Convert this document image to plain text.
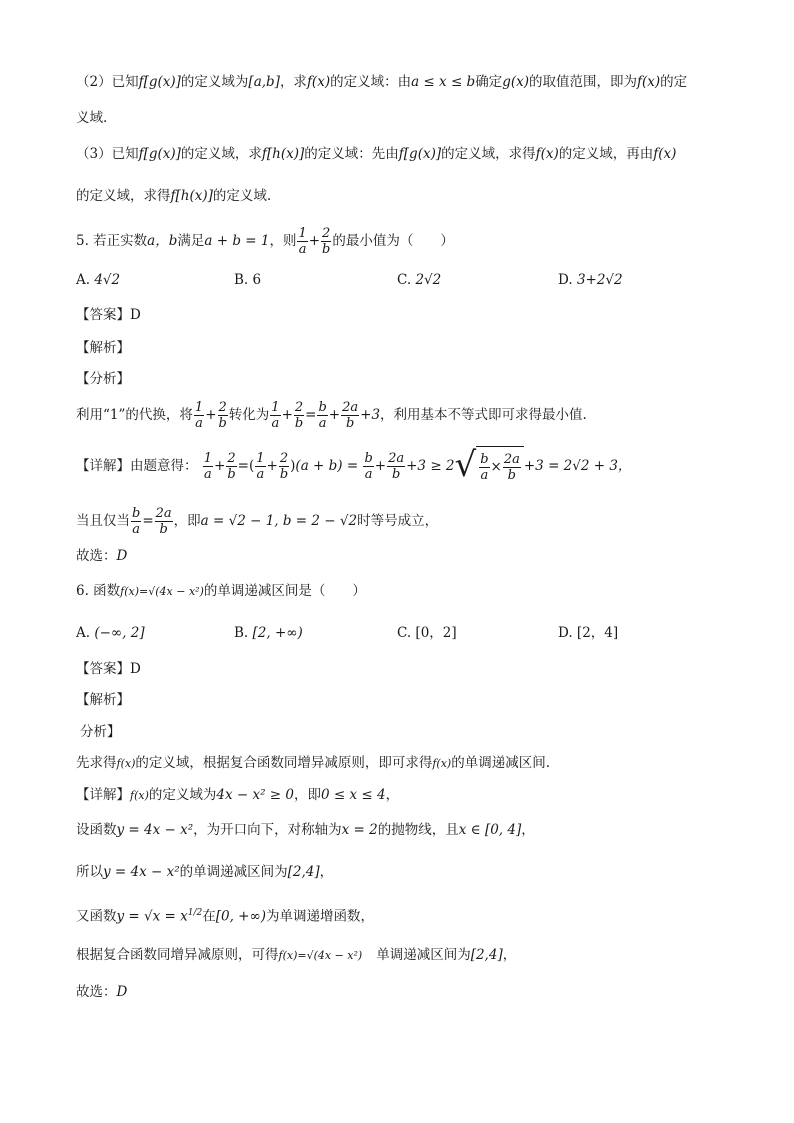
（2）已知f[g(x)]的定义域为[a,b]，求f(x)的定义域：由a ≤ x ≤ b确定g(x)的取值范围，即为f(x)的定
义域.
（3）已知f[g(x)]的定义域，求f[h(x)]的定义域：先由f[g(x)]的定义域，求得f(x)的定义域，再由f(x)
的定义域，求得f[h(x)]的定义域.
5. 若正实数a，b满足a + b = 1，则 $\frac{1}{a} + \frac{2}{b}$ 的最小值为（　　）
A. 4√2	B. 6	C. 2√2	D. 3+2√2
【答案】D
【解析】
【分析】
利用“1”的代换，将 $\frac{1}{a} + \frac{2}{b}$ 转化为 $\frac{1}{a} + \frac{2}{b} = \frac{b}{a} + \frac{2a}{b} +3$，利用基本不等式即可求得最小值.
【详解】由题意得： $\frac{1}{a} + \frac{2}{b}$ =( $\frac{1}{a} + \frac{2}{b} )(a + b) = \frac{b}{a} + \frac{2a}{b} +3 \ge 2$ √ $\frac{b}{a} \times \frac{2a}{b} +3 = 2√2 + 3$，
当且仅当 $\frac{b}{a} = \frac{2a}{b}$ ，即a = √2 − 1, b = 2 − √2时等号成立，
故选：D
6. 函数f(x)=√(4x − x²)的单调递减区间是（　　）
A. (−∞, 2]	B. [2, +∞)	C. [0，2]	D. [2，4]
【答案】D
【解析】
分析】
先求得f(x)的定义域，根据复合函数同增异减原则，即可求得f(x)的单调递减区间.
【详解】f(x)的定义域为4x − x² ≥ 0，即0 ≤ x ≤ 4，
设函数y = 4x − x²，为开口向下，对称轴为x = 2的抛物线，且x ∈ [0, 4]，
所以y = 4x − x²的单调递减区间为[2,4]，
又函数$y = √x = x^{1/2}$在[0, +∞)为单调递增函数，
根据复合函数同增异减原则，可得f(x)=√(4x − x²) 单调递减区间为[2,4]，
故选：D
